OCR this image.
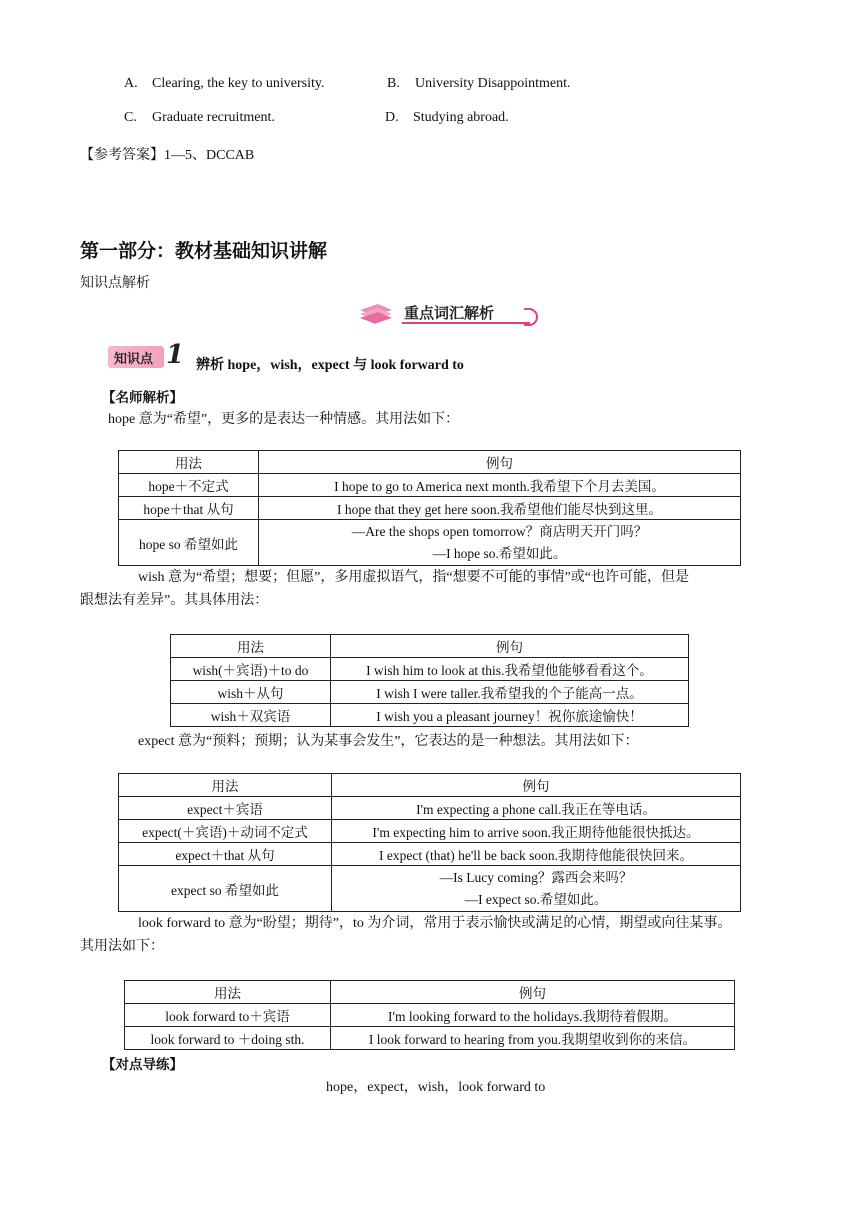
A. Clearing, the key to university.	B. University Disappointment.
C. Graduate recruitment.	D. Studying abroad.
【参考答案】1—5、DCCAB
第一部分：教材基础知识讲解
知识点解析
重点词汇解析
知识点 1 辨析 hope，wish，expect 与 look forward to
【名师解析】
hope 意为“希望”，更多的是表达一种情感。其用法如下：
用法	例句
hope＋不定式	I hope to go to America next month.我希望下个月去美国。
hope＋that 从句	I hope that they get here soon.我希望他们能尽快到这里。
hope so 希望如此	—Are the shops open tomorrow？商店明天开门吗？
—I hope so.希望如此。
wish 意为“希望；想要；但愿”，多用虚拟语气，指“想要不可能的事情”或“也许可能，但是
跟想法有差异”。其具体用法：
用法	例句
wish(＋宾语)＋to do	I wish him to look at this.我希望他能够看看这个。
wish＋从句	I wish I were taller.我希望我的个子能高一点。
wish＋双宾语	I wish you a pleasant journey！祝你旅途愉快！
expect 意为“预料；预期；认为某事会发生”，它表达的是一种想法。其用法如下：
用法	例句
expect＋宾语	I'm expecting a phone call.我正在等电话。
expect(＋宾语)＋动词不定式	I'm expecting him to arrive soon.我正期待他能很快抵达。
expect＋that 从句	I expect (that) he'll be back soon.我期待他能很快回来。
expect so 希望如此	—Is Lucy coming？露西会来吗？
—I expect so.希望如此。
look forward to 意为“盼望；期待”，to 为介词，常用于表示愉快或满足的心情，期望或向往某事。
其用法如下：
用法	例句
look forward to＋宾语	I'm looking forward to the holidays.我期待着假期。
look forward to ＋doing sth.	I look forward to hearing from you.我期望收到你的来信。
【对点导练】
hope，expect，wish，look forward to
